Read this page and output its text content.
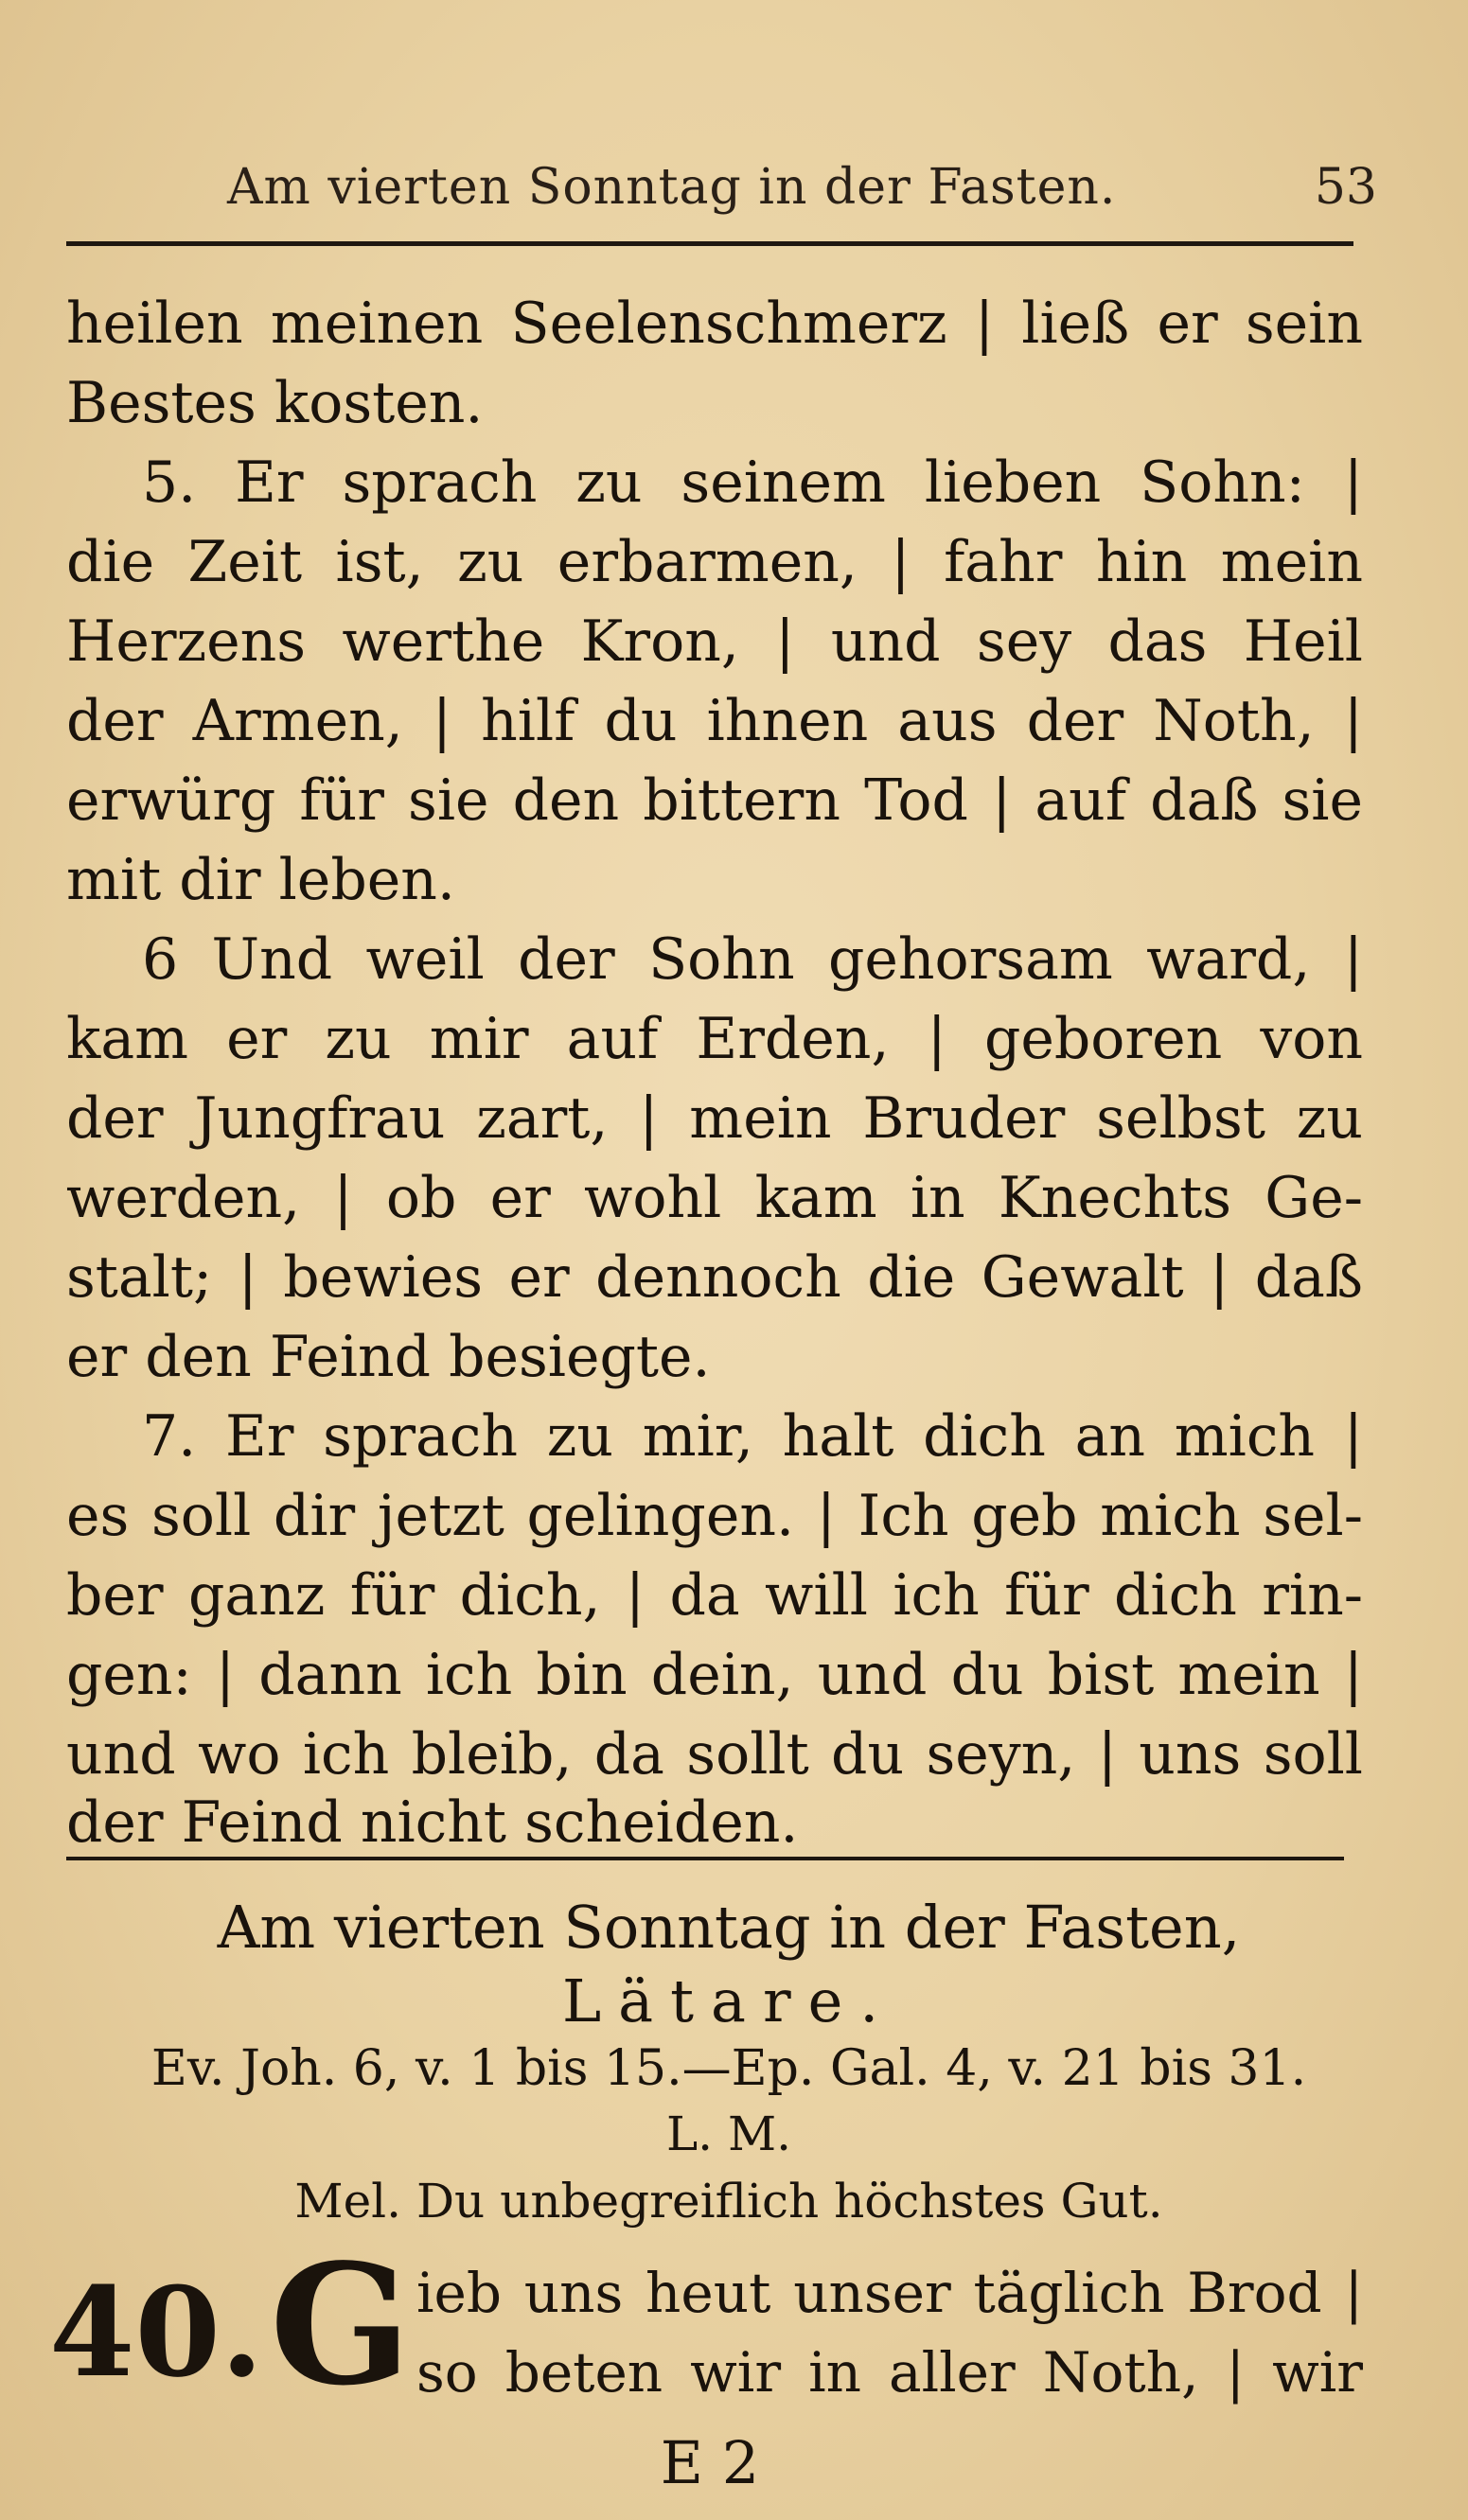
Am vierten Sonntag in der Fasten.	53
heilen meinen Seelenschmerz | ließ er sein
Bestes kosten.
5. Er sprach zu seinem lieben Sohn: |
die Zeit ist, zu erbarmen, | fahr hin mein
Herzens werthe Kron, | und sey das Heil
der Armen, | hilf du ihnen aus der Noth, |
erwürg für sie den bittern Tod | auf daß sie
mit dir leben.
6 Und weil der Sohn gehorsam ward, |
kam er zu mir auf Erden, | geboren von
der Jungfrau zart, | mein Bruder selbst zu
werden, | ob er wohl kam in Knechts Ge-
stalt; | bewies er dennoch die Gewalt | daß
er den Feind besiegte.
7. Er sprach zu mir, halt dich an mich |
es soll dir jetzt gelingen. | Ich geb mich sel-
ber ganz für dich, | da will ich für dich rin-
gen: | dann ich bin dein, und du bist mein |
und wo ich bleib, da sollt du seyn, | uns soll
der Feind nicht scheiden.
Am vierten Sonntag in der Fasten,
Lätare.
Ev. Joh. 6, v. 1 bis 15.—Ep. Gal. 4, v. 21 bis 31.
L. M.
Mel. Du unbegreiflich höchstes Gut.
40. G ieb uns heut unser täglich Brod |
so beten wir in aller Noth, | wir
E 2
